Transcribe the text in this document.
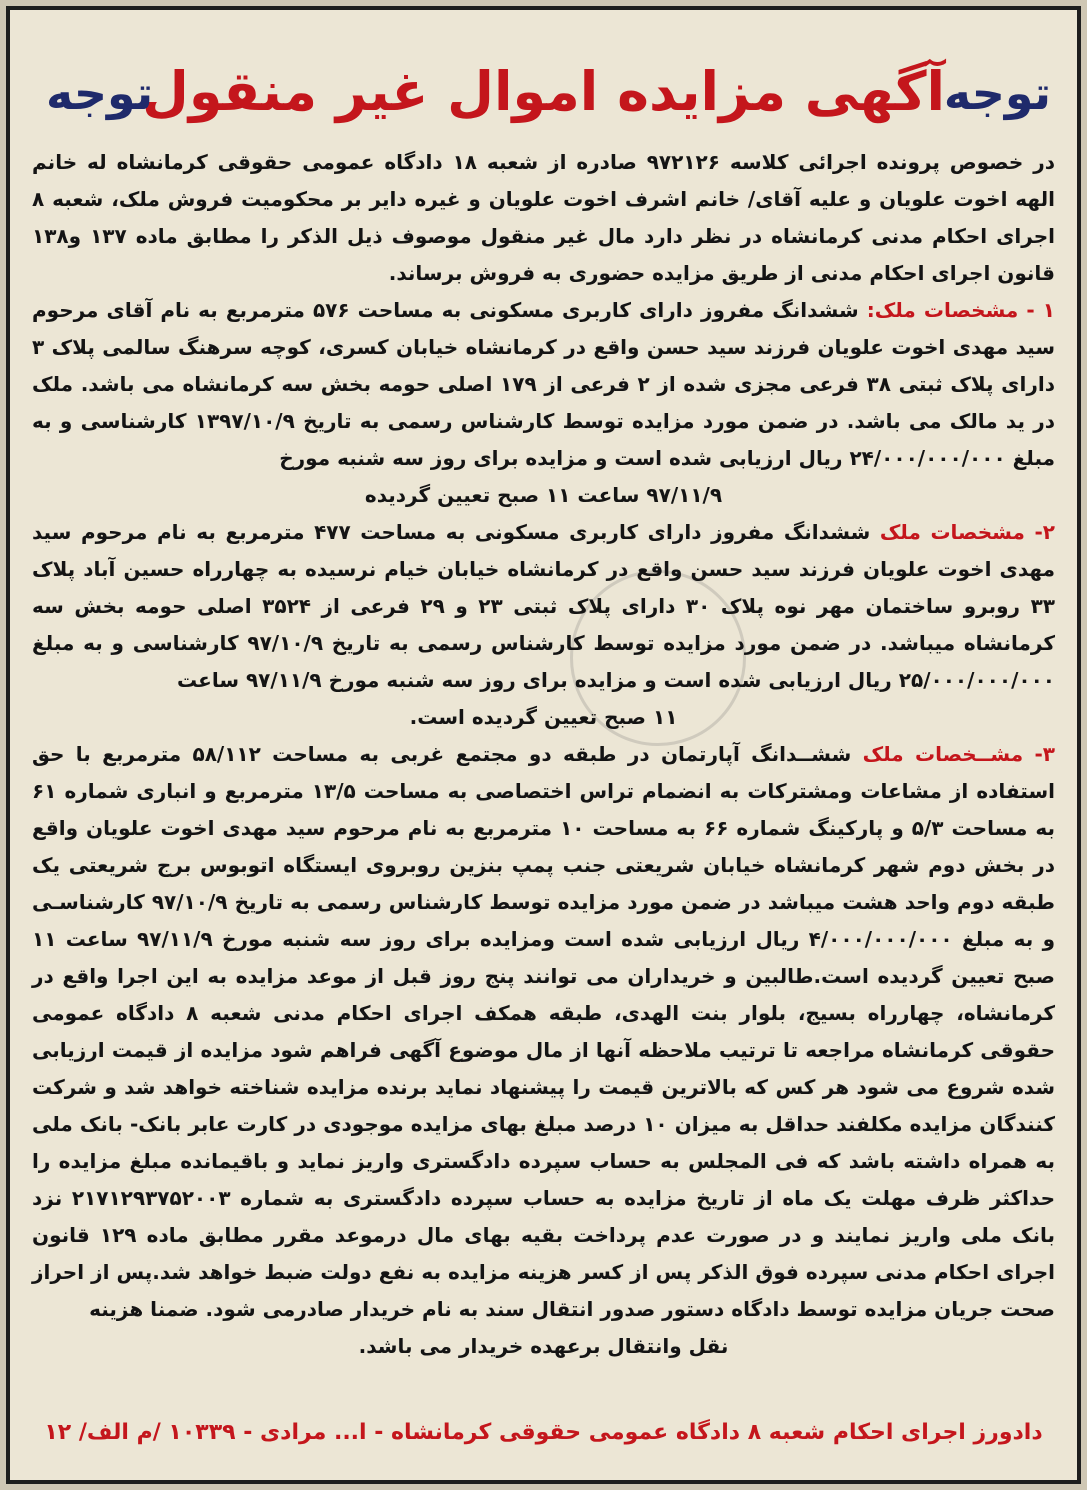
توجه
آگهی مزایده اموال غیر منقول
توجه

در خصوص پرونده اجرائی کلاسه ۹۷۲۱۲۶ صادره از شعبه ۱۸ دادگاه عمومی حقوقی کرمانشاه له خانم الهه اخوت علویان و علیه آقای/ خانم اشرف اخوت علویان و غیره دایر بر محکومیت فروش ملک، شعبه ۸ اجرای احکام مدنی کرمانشاه در نظر دارد مال غیر منقول موصوف ذیل الذکر را مطابق ماده ۱۳۷ و۱۳۸ قانون اجرای احکام مدنی از طریق مزایده حضوری به فروش برساند.

۱ - مشخصات ملک: ششدانگ مفروز دارای کاربری مسکونی به مساحت ۵۷۶ مترمربع به نام آقای مرحوم سید مهدی اخوت علویان فرزند سید حسن واقع در کرمانشاه خیابان کسری، کوچه سرهنگ سالمی پلاک ۳ دارای پلاک ثبتی ۳۸ فرعی مجزی شده از ۲ فرعی از ۱۷۹ اصلی حومه بخش سه کرمانشاه می باشد. ملک در ید مالک می باشد. در ضمن مورد مزایده توسط کارشناس رسمی به تاریخ ۱۳۹۷/۱۰/۹ کارشناسی و به مبلغ ۲۴/۰۰۰/۰۰۰/۰۰۰ ریال ارزیابی شده است و مزایده برای روز سه شنبه مورخ

۹۷/۱۱/۹ ساعت ۱۱ صبح تعیین گردیده

۲- مشخصات ملک ششدانگ مفروز دارای کاربری مسکونی به مساحت ۴۷۷ مترمربع به نام مرحوم سید مهدی اخوت علویان فرزند سید حسن واقع در کرمانشاه خیابان خیام نرسیده به چهارراه حسین آباد پلاک ۳۳ روبرو ساختمان مهر نوه پلاک ۳۰ دارای پلاک ثبتی ۲۳ و ۲۹ فرعی از ۳۵۲۴ اصلی حومه بخش سه کرمانشاه میباشد. در ضمن مورد مزایده توسط کارشناس رسمی به تاریخ ۹۷/۱۰/۹ کارشناسی و به مبلغ ۲۵/۰۰۰/۰۰۰/۰۰۰ ریال ارزیابی شده است و مزایده برای روز سه شنبه مورخ ۹۷/۱۱/۹ ساعت

۱۱ صبح تعیین گردیده است.

۳- مشــخصات ملک ششــدانگ آپارتمان در طبقه دو مجتمع غربی به مساحت ۵۸/۱۱۲ مترمربع با حق استفاده از مشاعات ومشترکات به انضمام تراس اختصاصی به مساحت ۱۳/۵ مترمربع و انباری شماره ۶۱ به مساحت ۵/۳ و پارکینگ شماره ۶۶ به مساحت ۱۰ مترمربع به نام مرحوم سید مهدی اخوت علویان واقع در بخش دوم شهر کرمانشاه خیابان شریعتی جنب پمپ بنزین روبروی ایستگاه اتوبوس برج شریعتی یک طبقه دوم واحد هشت میباشد در ضمن مورد مزایده توسط کارشناس رسمی به تاریخ ۹۷/۱۰/۹ کارشناسـی و به مبلغ ۴/۰۰۰/۰۰۰/۰۰۰ ریال ارزیابی شده است ومزایده برای روز سه شنبه مورخ ۹۷/۱۱/۹ ساعت ۱۱ صبح تعیین گردیده است.طالبین و خریداران می توانند پنج روز قبل از موعد مزایده به این اجرا واقع در کرمانشاه، چهارراه بسیج، بلوار بنت الهدی، طبقه همکف اجرای احکام مدنی شعبه ۸ دادگاه عمومی حقوقی کرمانشاه مراجعه تا ترتیب ملاحظه آنها از مال موضوع آگهی فراهم شود مزایده از قیمت ارزیابی شده شروع می شود هر کس که بالاترین قیمت را پیشنهاد نماید برنده مزایده شناخته خواهد شد و شرکت کنندگان مزایده مکلفند حداقل به میزان ۱۰ درصد مبلغ بهای مزایده موجودی در کارت عابر بانک- بانک ملی به همراه داشته باشد که فی المجلس به حساب سپرده دادگستری واریز نماید و باقیمانده مبلغ مزایده را حداکثر ظرف مهلت یک ماه از تاریخ مزایده به حساب سپرده دادگستری به شماره ۲۱۷۱۲۹۳۷۵۲۰۰۳ نزد بانک ملی واریز نمایند و در صورت عدم پرداخت بقیه بهای مال درموعد مقرر مطابق ماده ۱۲۹ قانون اجرای احکام مدنی سپرده فوق الذکر پس از کسر هزینه مزایده به نفع دولت ضبط خواهد شد.پس از احراز صحت جریان مزایده توسط دادگاه دستور صدور انتقال سند به نام خریدار صادرمی شود. ضمنا هزینه

نقل وانتقال برعهده خریدار می باشد.

دادورز اجرای احکام شعبه ۸ دادگاه عمومی حقوقی کرمانشاه - ا... مرادی - ۱۰۳۳۹ /م الف/ ۱۲
